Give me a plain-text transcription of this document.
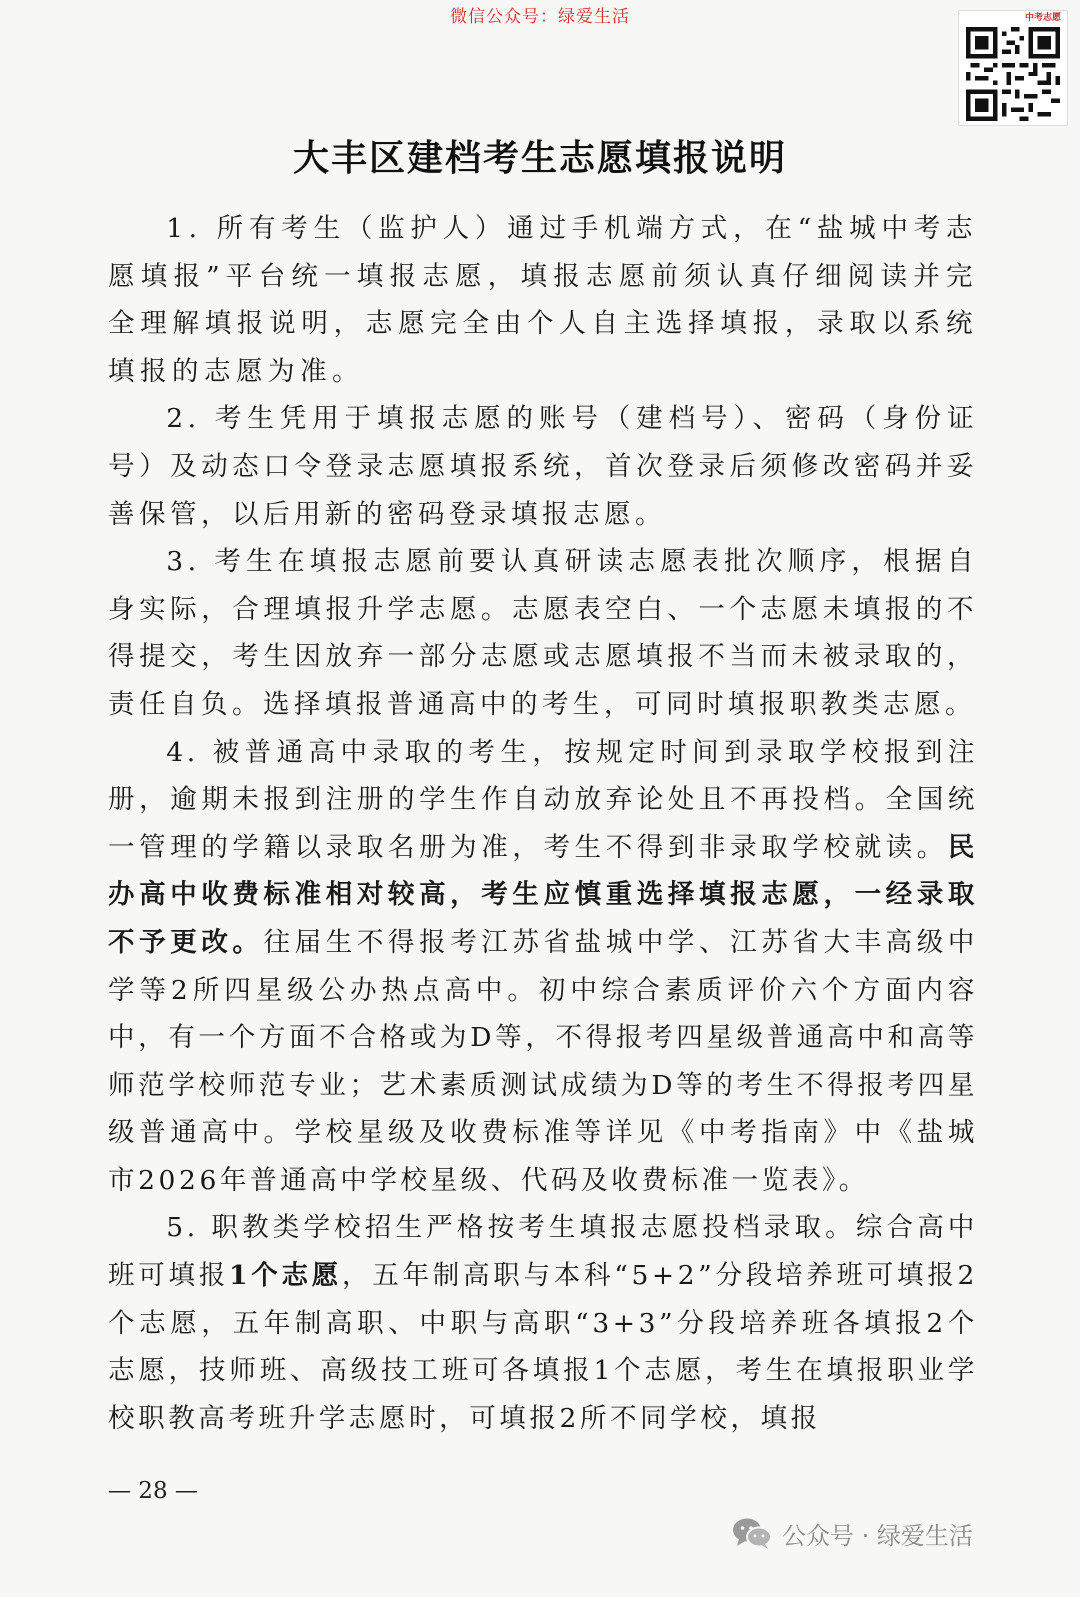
微信公众号：绿爱生活	中考志愿
大丰区建档考生志愿填报说明

1. 所有考生（监护人）通过手机端方式，在“盐城中考志愿填报”平台统一填报志愿，填报志愿前须认真仔细阅读并完全理解填报说明，志愿完全由个人自主选择填报，录取以系统填报的志愿为准。

2. 考生凭用于填报志愿的账号（建档号）、密码（身份证号）及动态口令登录志愿填报系统，首次登录后须修改密码并妥善保管，以后用新的密码登录填报志愿。

3. 考生在填报志愿前要认真研读志愿表批次顺序，根据自身实际，合理填报升学志愿。志愿表空白、一个志愿未填报的不得提交，考生因放弃一部分志愿或志愿填报不当而未被录取的，责任自负。选择填报普通高中的考生，可同时填报职教类志愿。

4. 被普通高中录取的考生，按规定时间到录取学校报到注册，逾期未报到注册的学生作自动放弃论处且不再投档。全国统一管理的学籍以录取名册为准，考生不得到非录取学校就读。民办高中收费标准相对较高，考生应慎重选择填报志愿，一经录取不予更改。往届生不得报考江苏省盐城中学、江苏省大丰高级中学等2所四星级公办热点高中。初中综合素质评价六个方面内容中，有一个方面不合格或为D等，不得报考四星级普通高中和高等师范学校师范专业；艺术素质测试成绩为D等的考生不得报考四星级普通高中。学校星级及收费标准等详见《中考指南》中《盐城市2026年普通高中学校星级、代码及收费标准一览表》。

5. 职教类学校招生严格按考生填报志愿投档录取。综合高中班可填报1个志愿，五年制高职与本科“5+2”分段培养班可填报2个志愿，五年制高职、中职与高职“3+3”分段培养班各填报2个志愿，技师班、高级技工班可各填报1个志愿，考生在填报职业学校职教高考班升学志愿时，可填报2所不同学校，填报

— 28 —
公众号 · 绿爱生活
